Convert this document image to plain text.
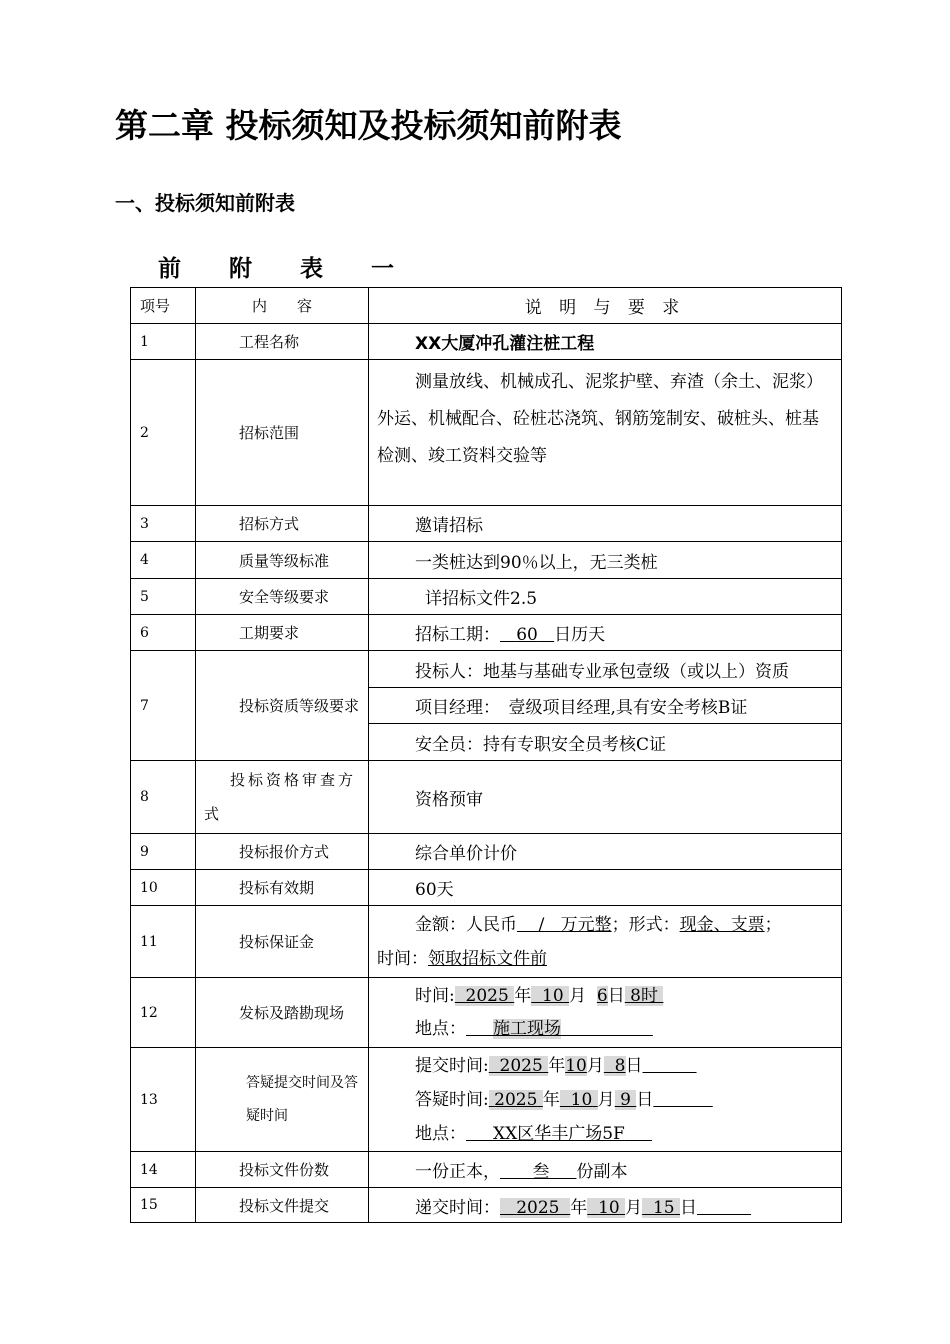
第二章 投标须知及投标须知前附表
一、投标须知前附表
前 附 表 一
项号	内　　容	说 明 与 要 求
1	工程名称	XX大厦冲孔灌注桩工程
2	招标范围	测量放线、机械成孔、泥浆护壁、弃渣（余土、泥浆）外运、机械配合、砼桩芯浇筑、钢筋笼制安、破桩头、桩基检测、竣工资料交验等

3	招标方式	邀请招标
4	质量等级标准	一类桩达到90％以上，无三类桩
5	安全等级要求	详招标文件2.5
6	工期要求	招标工期： 60 日历天
7	投标资质等级要求	投标人：地基与基础专业承包壹级（或以上）资质
		项目经理：　壹级项目经理,具有安全考核B证
		安全员：持有专职安全员考核C证
8	投标资格审查方式	资格预审
9	投标报价方式	综合单价计价
10	投标有效期	60天
11	投标保证金	金额：人民币 / 万元整；形式：现金、支票；
时间：领取招标文件前

12	发标及踏勘现场	时间: 2025 年 10 月 6日 8时
地点： 施工现场

13	答疑提交时间及答疑时间	提交时间: 2025 年10月 8日
答疑时间: 2025 年 10 月 9 日
地点： XX区华丰广场5F

14	投标文件份数	一份正本， 叁 份副本
15	投标文件提交	递交时间： 2025 年 10 月 15 日
